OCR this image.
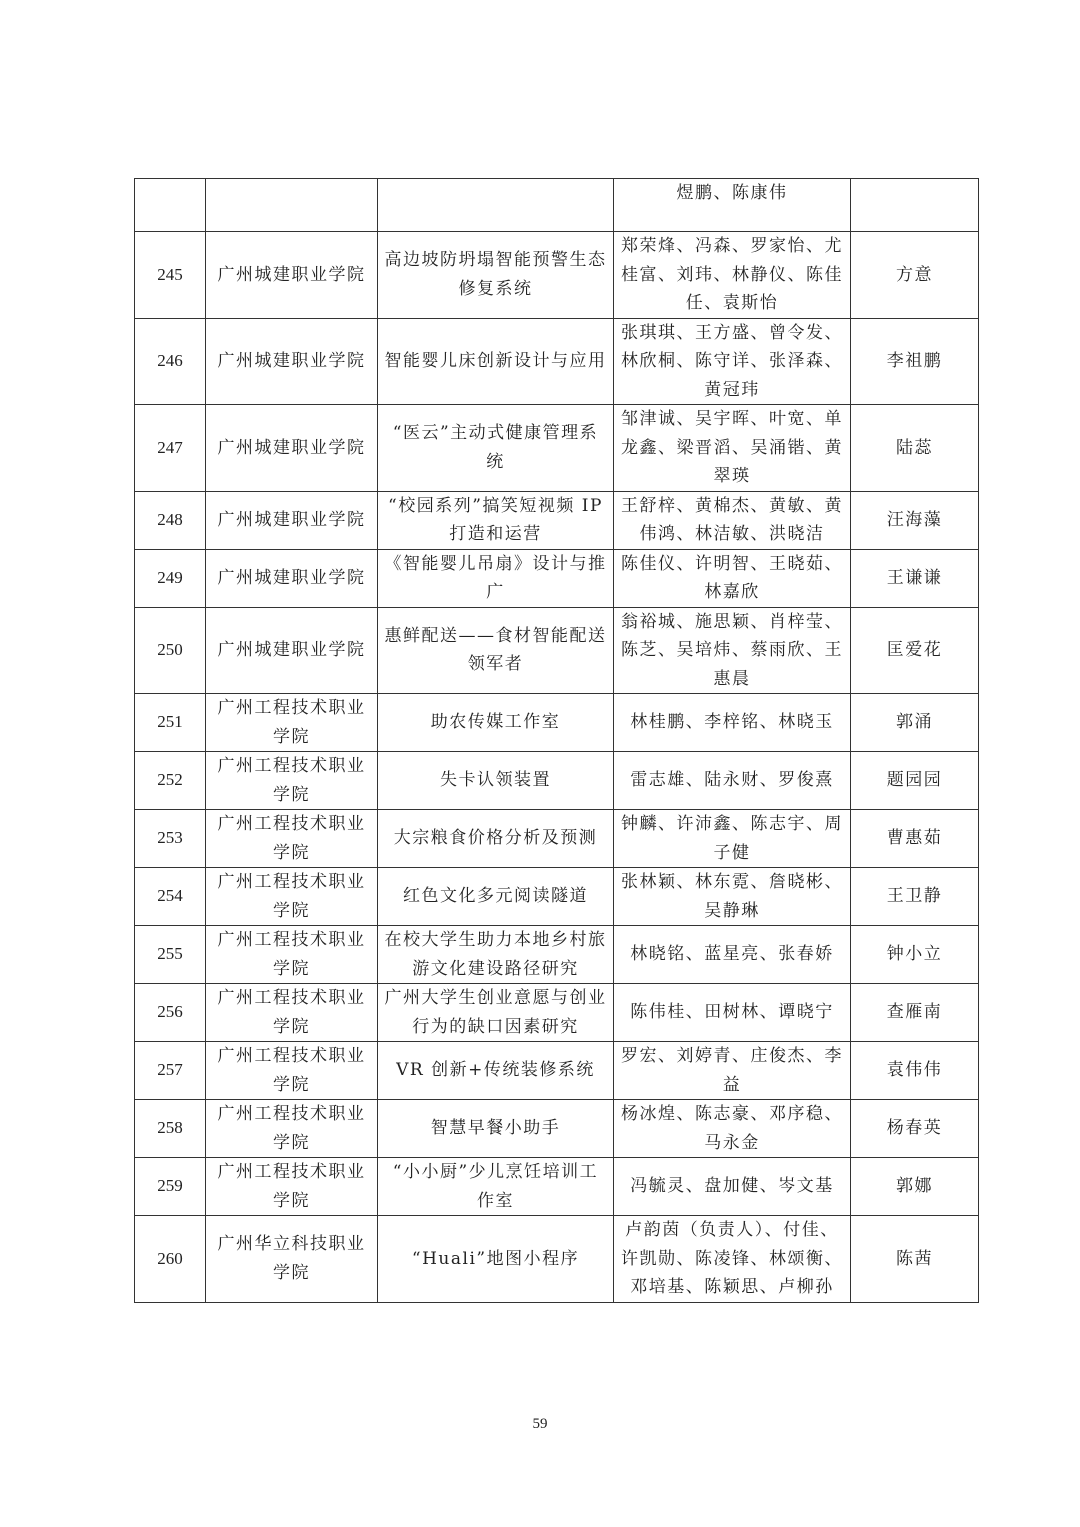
			煜鹏、陈康伟	
245	广州城建职业学院	高边坡防坍塌智能预警生态修复系统	郑荣烽、冯森、罗家怡、尤桂富、刘玮、林静仪、陈佳任、袁斯怡	方意
246	广州城建职业学院	智能婴儿床创新设计与应用	张琪琪、王方盛、曾令发、林欣桐、陈守详、张泽森、黄冠玮	李祖鹏
247	广州城建职业学院	“医云”主动式健康管理系统	邹津诚、吴宇晖、叶宽、单龙鑫、梁晋滔、吴涌锴、黄翠瑛	陆蕊
248	广州城建职业学院	“校园系列”搞笑短视频 IP 打造和运营	王舒梓、黄棉杰、黄敏、黄伟鸿、林洁敏、洪晓洁	汪海藻
249	广州城建职业学院	《智能婴儿吊扇》设计与推广	陈佳仪、许明智、王晓茹、林嘉欣	王谦谦
250	广州城建职业学院	惠鲜配送——食材智能配送领军者	翁裕城、施思颖、肖梓莹、陈芝、吴培炜、蔡雨欣、王惠晨	匡爱花
251	广州工程技术职业学院	助农传媒工作室	林桂鹏、李梓铭、林晓玉	郭涌
252	广州工程技术职业学院	失卡认领装置	雷志雄、陆永财、罗俊熹	题园园
253	广州工程技术职业学院	大宗粮食价格分析及预测	钟麟、许沛鑫、陈志宇、周子健	曹惠茹
254	广州工程技术职业学院	红色文化多元阅读隧道	张林颖、林东霓、詹晓彬、吴静琳	王卫静
255	广州工程技术职业学院	在校大学生助力本地乡村旅游文化建设路径研究	林晓铭、蓝星亮、张春娇	钟小立
256	广州工程技术职业学院	广州大学生创业意愿与创业行为的缺口因素研究	陈伟桂、田树林、谭晓宁	查雁南
257	广州工程技术职业学院	VR 创新+传统装修系统	罗宏、刘婷青、庄俊杰、李益	袁伟伟
258	广州工程技术职业学院	智慧早餐小助手	杨冰煌、陈志豪、邓序稳、马永金	杨春英
259	广州工程技术职业学院	“小小厨”少儿烹饪培训工作室	冯毓灵、盘加健、岑文基	郭娜
260	广州华立科技职业学院	“Huali”地图小程序	卢韵茵（负责人）、付佳、许凯勋、陈凌锋、林颂衡、邓培基、陈颖思、卢柳孙	陈茜
59
